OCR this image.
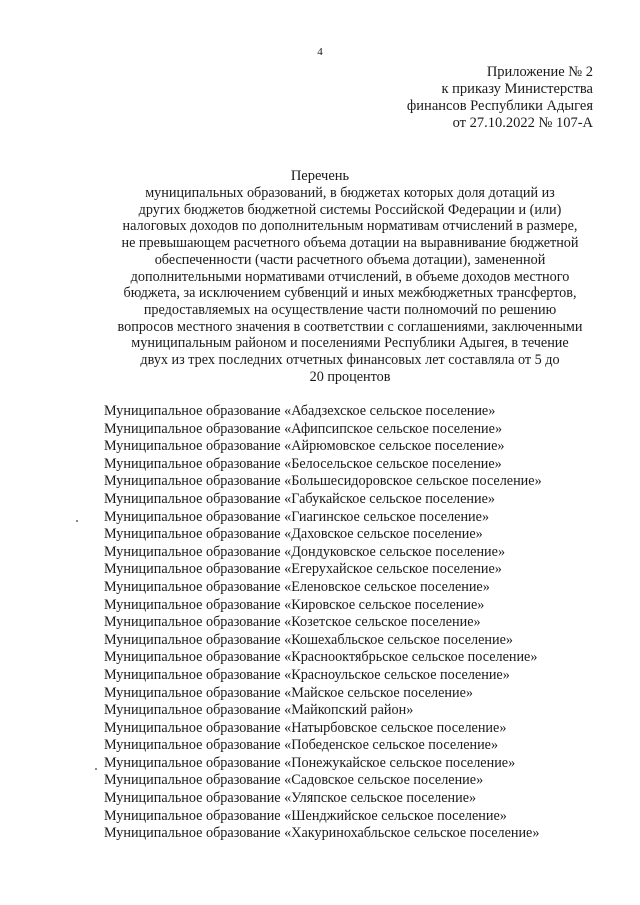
4
Приложение № 2
к приказу Министерства
финансов Республики Адыгея
от 27.10.2022 № 107-А
Перечень
муниципальных образований, в бюджетах которых доля дотаций из
других бюджетов бюджетной системы Российской Федерации и (или)
налоговых доходов по дополнительным нормативам отчислений в размере,
не превышающем расчетного объема дотации на выравнивание бюджетной
обеспеченности (части расчетного объема дотации), замененной
дополнительными нормативами отчислений, в объеме доходов местного
бюджета, за исключением субвенций и иных межбюджетных трансфертов,
предоставляемых на осуществление части полномочий по решению
вопросов местного значения в соответствии с соглашениями, заключенными
муниципальным районом и поселениями Республики Адыгея, в течение
двух из трех последних отчетных финансовых лет составляла от 5 до
20 процентов
Муниципальное образование «Абадзехское сельское поселение»
Муниципальное образование «Афипсипское сельское поселение»
Муниципальное образование «Айрюмовское сельское поселение»
Муниципальное образование «Белосельское сельское поселение»
Муниципальное образование «Большесидоровское сельское поселение»
Муниципальное образование «Габукайское сельское поселение»
Муниципальное образование «Гиагинское сельское поселение»
Муниципальное образование «Даховское сельское поселение»
Муниципальное образование «Дондуковское сельское поселение»
Муниципальное образование «Егерухайское сельское поселение»
Муниципальное образование «Еленовское сельское поселение»
Муниципальное образование «Кировское сельское поселение»
Муниципальное образование «Козетское сельское поселение»
Муниципальное образование «Кошехабльское сельское поселение»
Муниципальное образование «Краснооктябрьское сельское поселение»
Муниципальное образование «Красноульское сельское поселение»
Муниципальное образование «Майское сельское поселение»
Муниципальное образование «Майкопский район»
Муниципальное образование «Натырбовское сельское поселение»
Муниципальное образование «Победенское сельское поселение»
Муниципальное образование «Понежукайское сельское поселение»
Муниципальное образование «Садовское сельское поселение»
Муниципальное образование «Уляпское сельское поселение»
Муниципальное образование «Шенджийское сельское поселение»
Муниципальное образование «Хакуринохабльское сельское поселение»
